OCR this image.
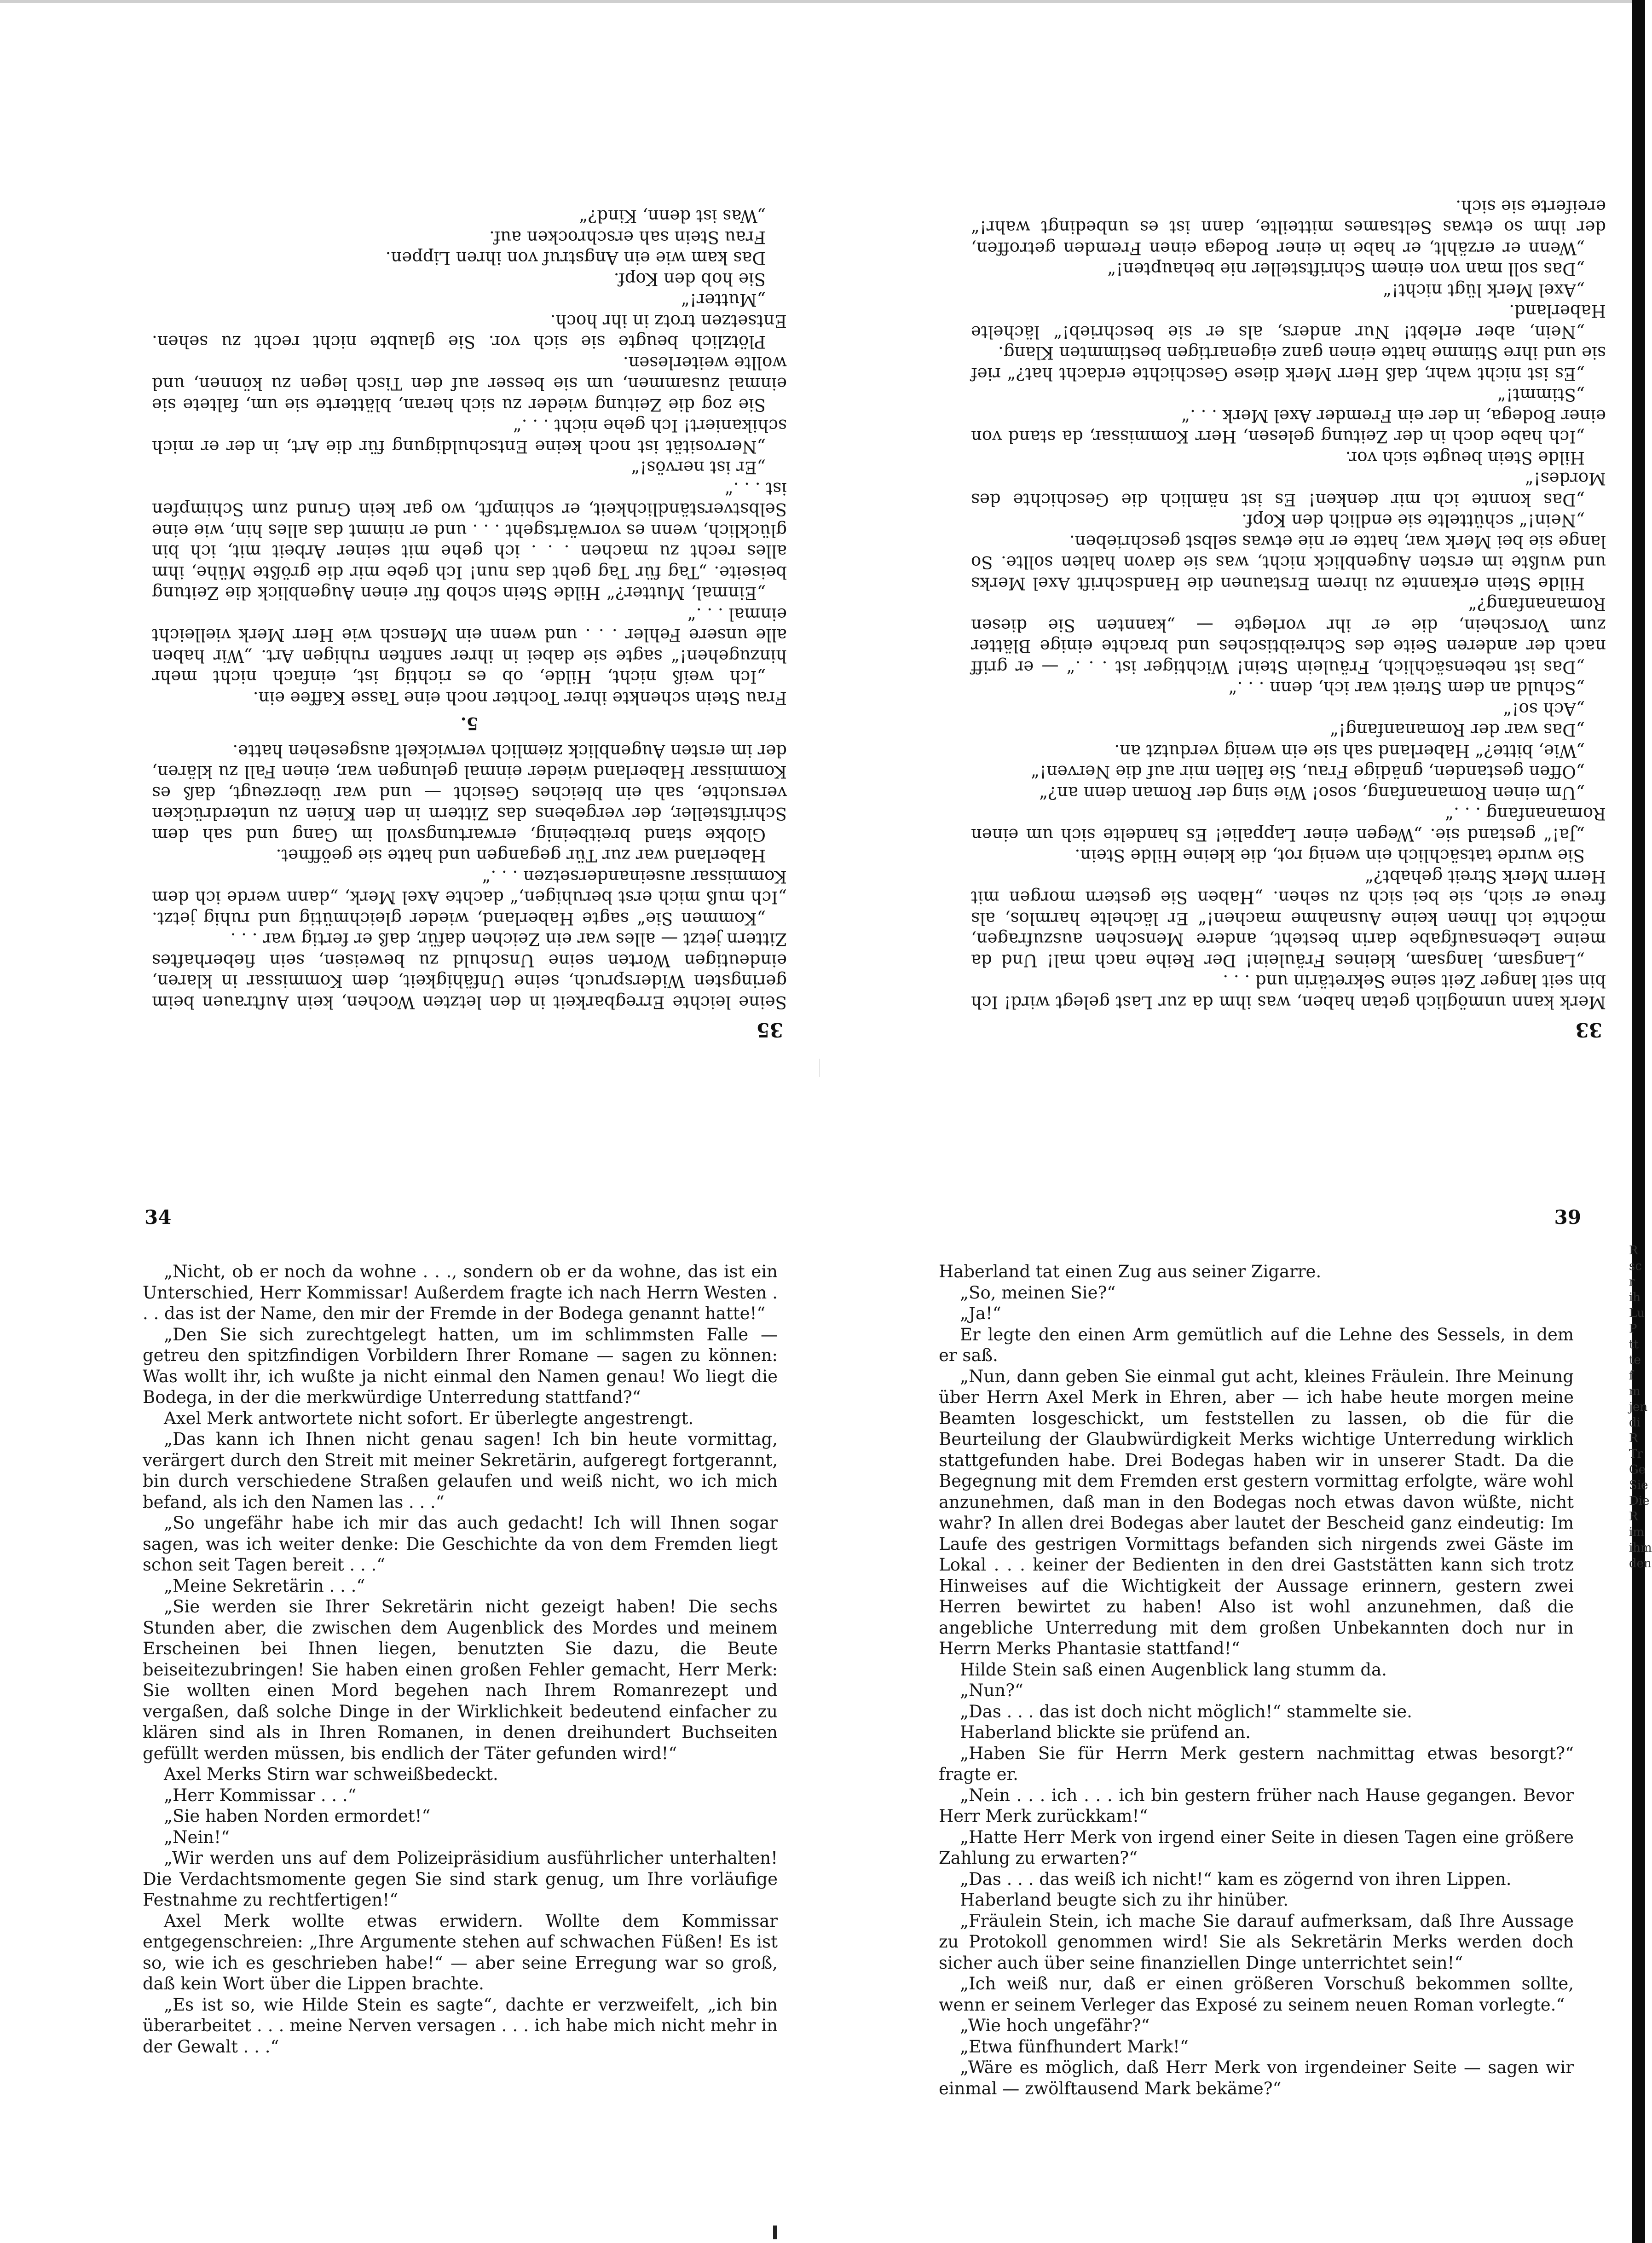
35

Seine leichte Erregbarkeit in den letzten Wochen, kein Auftrauen beim geringsten Widerspruch, seine Unfähigkeit, dem Kommissar in klaren, eindeutigen Worten seine Unschuld zu beweisen, sein fieberhaftes Zittern jetzt — alles war ein Zeichen dafür, daß er fertig war . . .

„Kommen Sie“ sagte Haberland, wieder gleichmütig und ruhig jetzt. „Ich muß mich erst beruhigen,“ dachte Axel Merk, „dann werde ich dem Kommissar auseinandersetzen . . .“

Haberland war zur Tür gegangen und hatte sie geöffnet.

Globke stand breitbeinig, erwartungsvoll im Gang und sah dem Schriftsteller, der vergebens das Zittern in den Knien zu unterdrücken versuchte, sah ein bleiches Gesicht — und war überzeugt, daß es Kommissar Haberland wieder einmal gelungen war, einen Fall zu klären, der im ersten Augenblick ziemlich verwickelt ausgesehen hatte.

5.

Frau Stein schenkte ihrer Tochter noch eine Tasse Kaffee ein.

„Ich weiß nicht, Hilde, ob es richtig ist, einfach nicht mehr hinzugehen!“ sagte sie dabei in ihrer sanften ruhigen Art. „Wir haben alle unsere Fehler . . . und wenn ein Mensch wie Herr Merk vielleicht einmal . . .“

„Einmal, Mutter?“ Hilde Stein schob für einen Augenblick die Zeitung beiseite. „Tag für Tag geht das nun! Ich gebe mir die größte Mühe, ihm alles recht zu machen . . . ich gehe mit seiner Arbeit mit, ich bin glücklich, wenn es vorwärtsgeht . . . und er nimmt das alles hin, wie eine Selbstverständlichkeit, er schimpft, wo gar kein Grund zum Schimpfen ist . . .“

„Er ist nervös!“

„Nervosität ist noch keine Entschuldigung für die Art, in der er mich schikaniert! Ich gehe nicht . . .“

Sie zog die Zeitung wieder zu sich heran, blätterte sie um, faltete sie einmal zusammen, um sie besser auf den Tisch legen zu können, und wollte weiterlesen.

Plötzlich beugte sie sich vor. Sie glaubte nicht recht zu sehen. Entsetzen trotz in ihr hoch.

„Mutter!“

Sie hob den Kopf.

Das kam wie ein Angstruf von ihren Lippen.

Frau Stein sah erschrocken auf.

„Was ist denn, Kind?“

33

Merk kann unmöglich getan haben, was ihm da zur Last gelegt wird! Ich bin seit langer Zeit seine Sekretärin und . . .

„Langsam, langsam, kleines Fräulein! Der Reihe nach mal! Und da meine Lebensaufgabe darin besteht, andere Menschen auszufragen, möchte ich Ihnen keine Ausnahme machen!“ Er lächelte harmlos, als freue er sich, sie bei sich zu sehen. „Haben Sie gestern morgen mit Herrn Merk Streit gehabt?“

Sie wurde tatsächlich ein wenig rot, die kleine Hilde Stein.

„Ja!“ gestand sie. „Wegen einer Lappalie! Es handelte sich um einen Romananfang . . .“

„Um einen Romananfang, soso! Wie sing der Roman denn an?“

„Offen gestanden, gnädige Frau, Sie fallen mir auf die Nerven!“

„Wie, bitte?“ Haberland sah sie ein wenig verdutzt an.

„Das war der Romananfang!“

„Ach so!“

„Schuld an dem Streit war ich, denn . . .“

„Das ist nebensächlich, Fräulein Stein! Wichtiger ist . . .“ — er griff nach der anderen Seite des Schreibtisches und brachte einige Blätter zum Vorschein, die er ihr vorlegte — „kannten Sie diesen Romananfang?“

Hilde Stein erkannte zu ihrem Erstaunen die Handschrift Axel Merks und wußte im ersten Augenblick nicht, was sie davon halten sollte. So lange sie bei Merk war, hatte er nie etwas selbst geschrieben.

„Nein!“ schüttelte sie endlich den Kopf.

„Das konnte ich mir denken! Es ist nämlich die Geschichte des Mordes!“

Hilde Stein beugte sich vor.

„Ich habe doch in der Zeitung gelesen, Herr Kommissar, da stand von einer Bodega, in der ein Fremder Axel Merk . . .“

„Stimmt!“

„Es ist nicht wahr, daß Herr Merk diese Geschichte erdacht hat?“ rief sie und ihre Stimme hatte einen ganz eigenartigen bestimmten Klang.

„Nein, aber erlebt! Nur anders, als er sie beschrieb!“ lächelte Haberland.

„Axel Merk lügt nicht!“

„Das soll man von einem Schriftsteller nie behaupten!“

„Wenn er erzählt, er habe in einer Bodega einen Fremden getroffen, der ihm so etwas Seltsames mitteilte, dann ist es unbedingt wahr!“ ereiferte sie sich.

34

„Nicht, ob er noch da wohne . . ., sondern ob er da wohne, das ist ein Unterschied, Herr Kommissar! Außerdem fragte ich nach Herrn Westen . . . das ist der Name, den mir der Fremde in der Bodega genannt hatte!“

„Den Sie sich zurechtgelegt hatten, um im schlimmsten Falle — getreu den spitzfindigen Vorbildern Ihrer Romane — sagen zu können: Was wollt ihr, ich wußte ja nicht einmal den Namen genau! Wo liegt die Bodega, in der die merkwürdige Unterredung stattfand?“

Axel Merk antwortete nicht sofort. Er überlegte angestrengt.

„Das kann ich Ihnen nicht genau sagen! Ich bin heute vormittag, verärgert durch den Streit mit meiner Sekretärin, aufgeregt fortgerannt, bin durch verschiedene Straßen gelaufen und weiß nicht, wo ich mich befand, als ich den Namen las . . .“

„So ungefähr habe ich mir das auch gedacht! Ich will Ihnen sogar sagen, was ich weiter denke: Die Geschichte da von dem Fremden liegt schon seit Tagen bereit . . .“

„Meine Sekretärin . . .“

„Sie werden sie Ihrer Sekretärin nicht gezeigt haben! Die sechs Stunden aber, die zwischen dem Augenblick des Mordes und meinem Erscheinen bei Ihnen liegen, benutzten Sie dazu, die Beute beiseitezubringen! Sie haben einen großen Fehler gemacht, Herr Merk: Sie wollten einen Mord begehen nach Ihrem Romanrezept und vergaßen, daß solche Dinge in der Wirklichkeit bedeutend einfacher zu klären sind als in Ihren Romanen, in denen dreihundert Buchseiten gefüllt werden müssen, bis endlich der Täter gefunden wird!“

Axel Merks Stirn war schweißbedeckt.

„Herr Kommissar . . .“

„Sie haben Norden ermordet!“

„Nein!“

„Wir werden uns auf dem Polizeipräsidium ausführlicher unterhalten! Die Verdachtsmomente gegen Sie sind stark genug, um Ihre vorläufige Festnahme zu rechtfertigen!“

Axel Merk wollte etwas erwidern. Wollte dem Kommissar entgegenschreien: „Ihre Argumente stehen auf schwachen Füßen! Es ist so, wie ich es geschrieben habe!“ — aber seine Erregung war so groß, daß kein Wort über die Lippen brachte.

„Es ist so, wie Hilde Stein es sagte“, dachte er verzweifelt, „ich bin überarbeitet . . . meine Nerven versagen . . . ich habe mich nicht mehr in der Gewalt . . .“

39

Haberland tat einen Zug aus seiner Zigarre.

„So, meinen Sie?“

„Ja!“

Er legte den einen Arm gemütlich auf die Lehne des Sessels, in dem er saß.

„Nun, dann geben Sie einmal gut acht, kleines Fräulein. Ihre Meinung über Herrn Axel Merk in Ehren, aber — ich habe heute morgen meine Beamten losgeschickt, um feststellen zu lassen, ob die für die Beurteilung der Glaubwürdigkeit Merks wichtige Unterredung wirklich stattgefunden habe. Drei Bodegas haben wir in unserer Stadt. Da die Begegnung mit dem Fremden erst gestern vormittag erfolgte, wäre wohl anzunehmen, daß man in den Bodegas noch etwas davon wüßte, nicht wahr? In allen drei Bodegas aber lautet der Bescheid ganz eindeutig: Im Laufe des gestrigen Vormittags befanden sich nirgends zwei Gäste im Lokal . . . keiner der Bedienten in den drei Gaststätten kann sich trotz Hinweises auf die Wichtigkeit der Aussage erinnern, gestern zwei Herren bewirtet zu haben! Also ist wohl anzunehmen, daß die angebliche Unterredung mit dem großen Unbekannten doch nur in Herrn Merks Phantasie stattfand!“

Hilde Stein saß einen Augenblick lang stumm da.

„Nun?“

„Das . . . das ist doch nicht möglich!“ stammelte sie.

Haberland blickte sie prüfend an.

„Haben Sie für Herrn Merk gestern nachmittag etwas besorgt?“ fragte er.

„Nein . . . ich . . . ich bin gestern früher nach Hause gegangen. Bevor Herr Merk zurückkam!“

„Hatte Herr Merk von irgend einer Seite in diesen Tagen eine größere Zahlung zu erwarten?“

„Das . . . das weiß ich nicht!“ kam es zögernd von ihren Lippen.

Haberland beugte sich zu ihr hinüber.

„Fräulein Stein, ich mache Sie darauf aufmerksam, daß Ihre Aussage zu Protokoll genommen wird! Sie als Sekretärin Merks werden doch sicher auch über seine finanziellen Dinge unterrichtet sein!“

„Ich weiß nur, daß er einen größeren Vorschuß bekommen sollte, wenn er seinem Verleger das Exposé zu seinem neuen Roman vorlegte.“

„Wie hoch ungefähr?“

„Etwa fünfhundert Mark!“

„Wäre es möglich, daß Herr Merk von irgendeiner Seite — sagen wir einmal — zwölftausend Mark bekäme?“

R
sc
r
ih
Lu
P
tt
te
f
m
jen
di
R
Tr
Ge
Sie
Die
R
im
ihm
den
